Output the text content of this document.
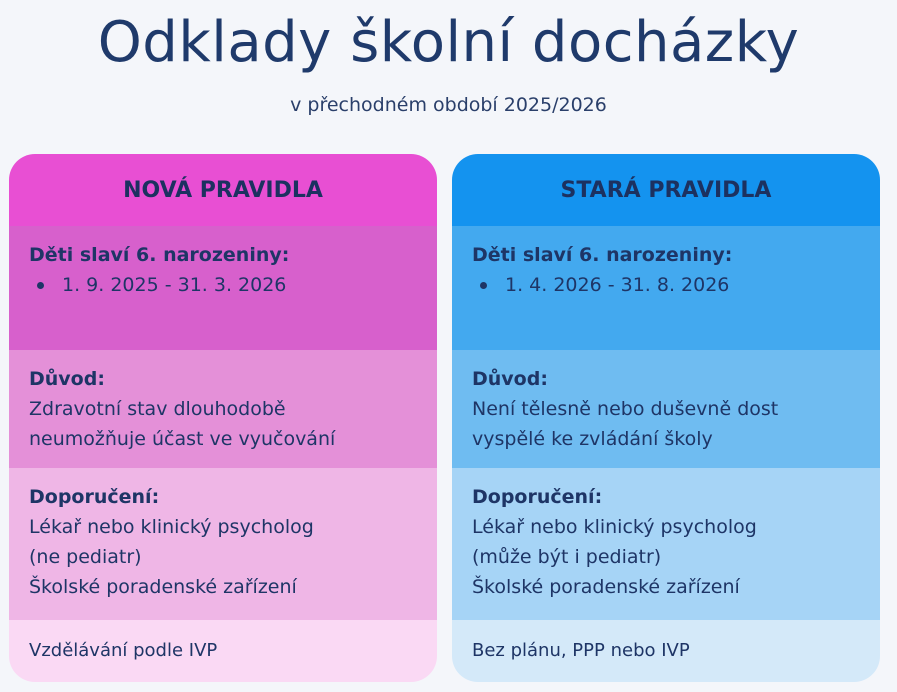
Odklady školní docházky

v přechodném období 2025/2026

NOVÁ PRAVIDLA
Děti slaví 6. narozeniny:
1. 9. 2025 - 31. 3. 2026
Důvod:
Zdravotní stav dlouhodobě
neumožňuje účast ve vyučování
Doporučení:
Lékař nebo klinický psycholog
(ne pediatr)
Školské poradenské zařízení
Vzdělávání podle IVP
STARÁ PRAVIDLA
Děti slaví 6. narozeniny:
1. 4. 2026 - 31. 8. 2026
Důvod:
Není tělesně nebo duševně dost
vyspělé ke zvládání školy
Doporučení:
Lékař nebo klinický psycholog
(může být i pediatr)
Školské poradenské zařízení
Bez plánu, PPP nebo IVP
